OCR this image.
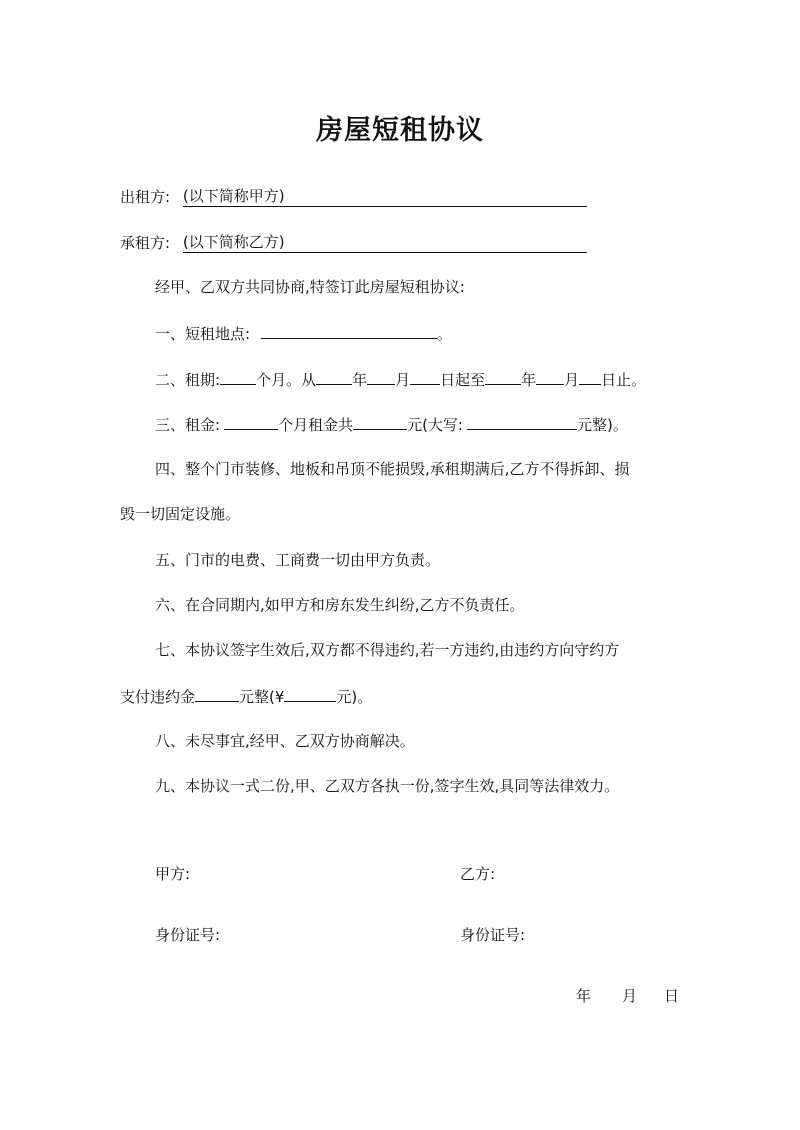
房屋短租协议
出租方: (以下简称甲方)
承租方: (以下简称乙方)
经甲、乙双方共同协商,特签订此房屋短租协议:
一、短租地点:	。
二、租期: 个月。从 年 月 日起至 年 月 日止。
三、租金:	个月租金共	元(大写:	元整)。
四、整个门市装修、地板和吊顶不能损毁,承租期满后,乙方不得拆卸、损
毁一切固定设施。
五、门市的电费、工商费一切由甲方负责。
六、在合同期内,如甲方和房东发生纠纷,乙方不负责任。
七、本协议签字生效后,双方都不得违约,若一方违约,由违约方向守约方
支付违约金	元整(¥	元)。
八、未尽事宜,经甲、乙双方协商解决。
九、本协议一式二份,甲、乙双方各执一份,签字生效,具同等法律效力。
甲方:	乙方:
身份证号:	身份证号:
年 月 日
